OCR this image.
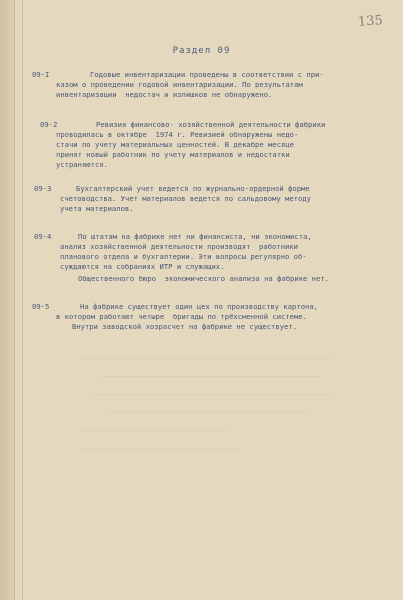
135
Раздел 09

09-I

	Годовые инвентаризации проведены в соответствии с при-

казом о проведении годовой инвентаризации. По результатам

инвентаризации  недостач и излишков не обнаружено.

09-2

	Ревизия финансово- хозяйственной деятельности фабрики

проводилась в октябре  1974 г. Ревизией обнаружены недо-

стачи по учету материальных ценностей. В декабре месяце

принят новый работник по учету материалов и недостатки

устраняются.

09-3

	Бухгалтерский учет ведется по журнально-ордерной форме

счетоводства. Учет материалов ведется по сальдовому методу

учета материалов.

09-4

	По штатам на фабрике нет ни финансиста, ни экономиста,

анализ хозяйственной деятельности производят  работники

планового отдела и бухгалтерии. Эти вопросы регулярно об-

суждаются на собраниях ИТР и служащих.

Общественного бюро  экономического анализа на фабрике нет.

09-5

	На фабрике существует один цех по производству картона,

в котором работают четыре  бригады по трёхсменной системе.

Внутри заводской хозрасчет на фабрике не существует.
